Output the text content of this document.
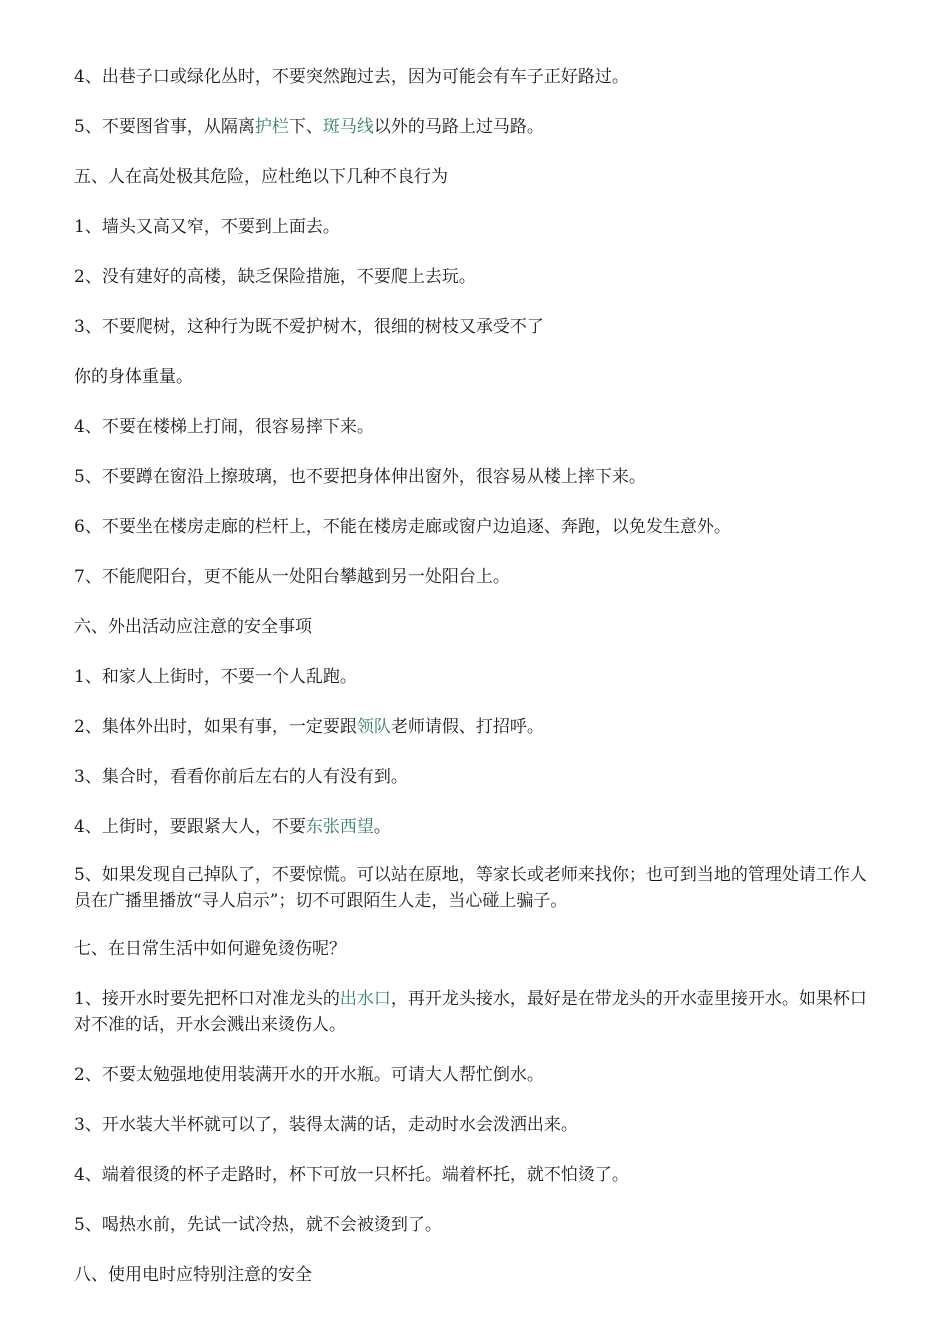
4、出巷子口或绿化丛时，不要突然跑过去，因为可能会有车子正好路过。

5、不要图省事，从隔离护栏下、斑马线以外的马路上过马路。

五、人在高处极其危险，应杜绝以下几种不良行为

1、墙头又高又窄，不要到上面去。

2、没有建好的高楼，缺乏保险措施，不要爬上去玩。

3、不要爬树，这种行为既不爱护树木，很细的树枝又承受不了

你的身体重量。

4、不要在楼梯上打闹，很容易摔下来。

5、不要蹲在窗沿上擦玻璃，也不要把身体伸出窗外，很容易从楼上摔下来。

6、不要坐在楼房走廊的栏杆上，不能在楼房走廊或窗户边追逐、奔跑，以免发生意外。

7、不能爬阳台，更不能从一处阳台攀越到另一处阳台上。

六、外出活动应注意的安全事项

1、和家人上街时，不要一个人乱跑。

2、集体外出时，如果有事，一定要跟领队老师请假、打招呼。

3、集合时，看看你前后左右的人有没有到。

4、上街时，要跟紧大人，不要东张西望。

5、如果发现自己掉队了，不要惊慌。可以站在原地，等家长或老师来找你；也可到当地的管理处请工作人员在广播里播放“寻人启示”；切不可跟陌生人走，当心碰上骗子。

七、在日常生活中如何避免烫伤呢？

1、接开水时要先把杯口对准龙头的出水口，再开龙头接水，最好是在带龙头的开水壶里接开水。如果杯口对不准的话，开水会溅出来烫伤人。

2、不要太勉强地使用装满开水的开水瓶。可请大人帮忙倒水。

3、开水装大半杯就可以了，装得太满的话，走动时水会泼洒出来。

4、端着很烫的杯子走路时，杯下可放一只杯托。端着杯托，就不怕烫了。

5、喝热水前，先试一试冷热，就不会被烫到了。

八、使用电时应特别注意的安全
